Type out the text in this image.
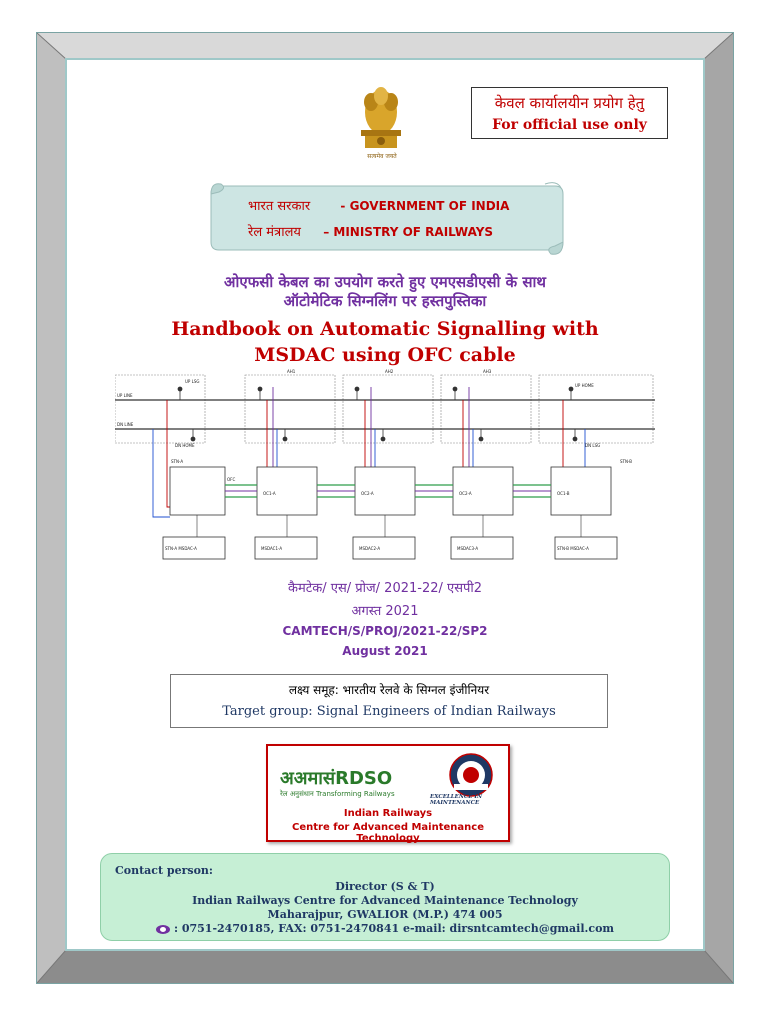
सत्यमेव जयते
केवल कार्यालयीन प्रयोग हेतु
For official use only
भारत सरकार	- GOVERNMENT OF INDIA
रेल मंत्रालय – MINISTRY OF RAILWAYS
ओएफसी केबल का उपयोग करते हुए एमएसडीएसी के साथ
ऑटोमेटिक सिग्नलिंग पर हस्तपुस्तिका
Handbook on Automatic Signalling with
MSDAC using OFC cable
UP LINE
DN LINE
STN-A	STN-B
OFC
DN HOME
UP HOME
UP LSG
DN LSG
OC1-A	OC2-A	OC2-A	OC1-B
STN-A MSDAC-A	MSDAC1-A	MSDAC2-A	MSDAC3-A	STN-B MSDAC-A
AH1	AH2	AH3
कैमटेक/ एस/ प्रोज/ 2021-22/ एसपी2
अगस्त 2021
CAMTECH/S/PROJ/2021-22/SP2
August 2021
लक्ष्य समूह: भारतीय रेलवे के सिग्नल इंजीनियर
Target group: Signal Engineers of Indian Railways
अअमासंRDSO
रेल अनुसंधान Transforming Railways	EXCELLENCE IN MAINTENANCE
Indian Railways
Centre for Advanced Maintenance Technology
Contact person:
Director (S & T)
Indian Railways Centre for Advanced Maintenance Technology
Maharajpur, GWALIOR (M.P.) 474 005
: 0751-2470185, FAX: 0751-2470841 e-mail: dirsntcamtech@gmail.com
